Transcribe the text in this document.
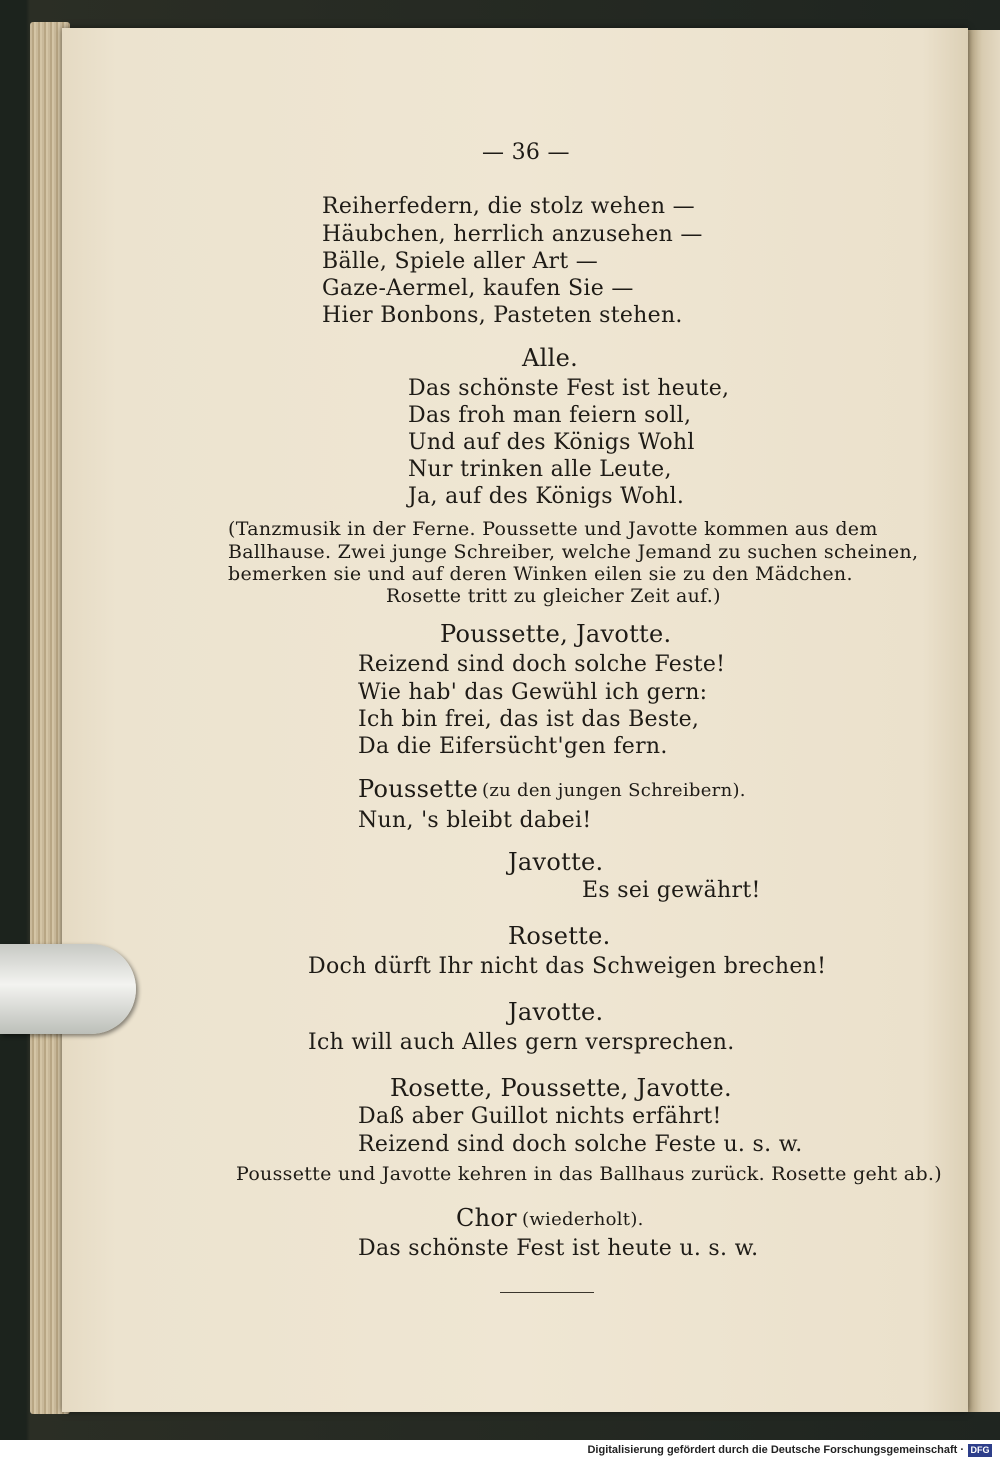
— 36 —
Reiherfedern, die stolz wehen —
Häubchen, herrlich anzusehen —
Bälle, Spiele aller Art —
Gaze-Aermel, kaufen Sie —
Hier Bonbons, Pasteten stehen.
Alle.
Das schönste Fest ist heute,
Das froh man feiern soll,
Und auf des Königs Wohl
Nur trinken alle Leute,
Ja, auf des Königs Wohl.
(Tanzmusik in der Ferne. Poussette und Javotte kommen aus dem
Ballhause. Zwei junge Schreiber, welche Jemand zu suchen scheinen,
bemerken sie und auf deren Winken eilen sie zu den Mädchen.
Rosette tritt zu gleicher Zeit auf.)
Poussette, Javotte.
Reizend sind doch solche Feste!
Wie hab' das Gewühl ich gern:
Ich bin frei, das ist das Beste,
Da die Eifersücht'gen fern.
Poussette (zu den jungen Schreibern).
Nun, 's bleibt dabei!
Javotte.
Es sei gewährt!
Rosette.
Doch dürft Ihr nicht das Schweigen brechen!
Javotte.
Ich will auch Alles gern versprechen.
Rosette, Poussette, Javotte.
Daß aber Guillot nichts erfährt!
Reizend sind doch solche Feste u. s. w.
Poussette und Javotte kehren in das Ballhaus zurück. Rosette geht ab.)
Chor (wiederholt).
Das schönste Fest ist heute u. s. w.
Digitalisierung gefördert durch die Deutsche Forschungsgemeinschaft · DFG
